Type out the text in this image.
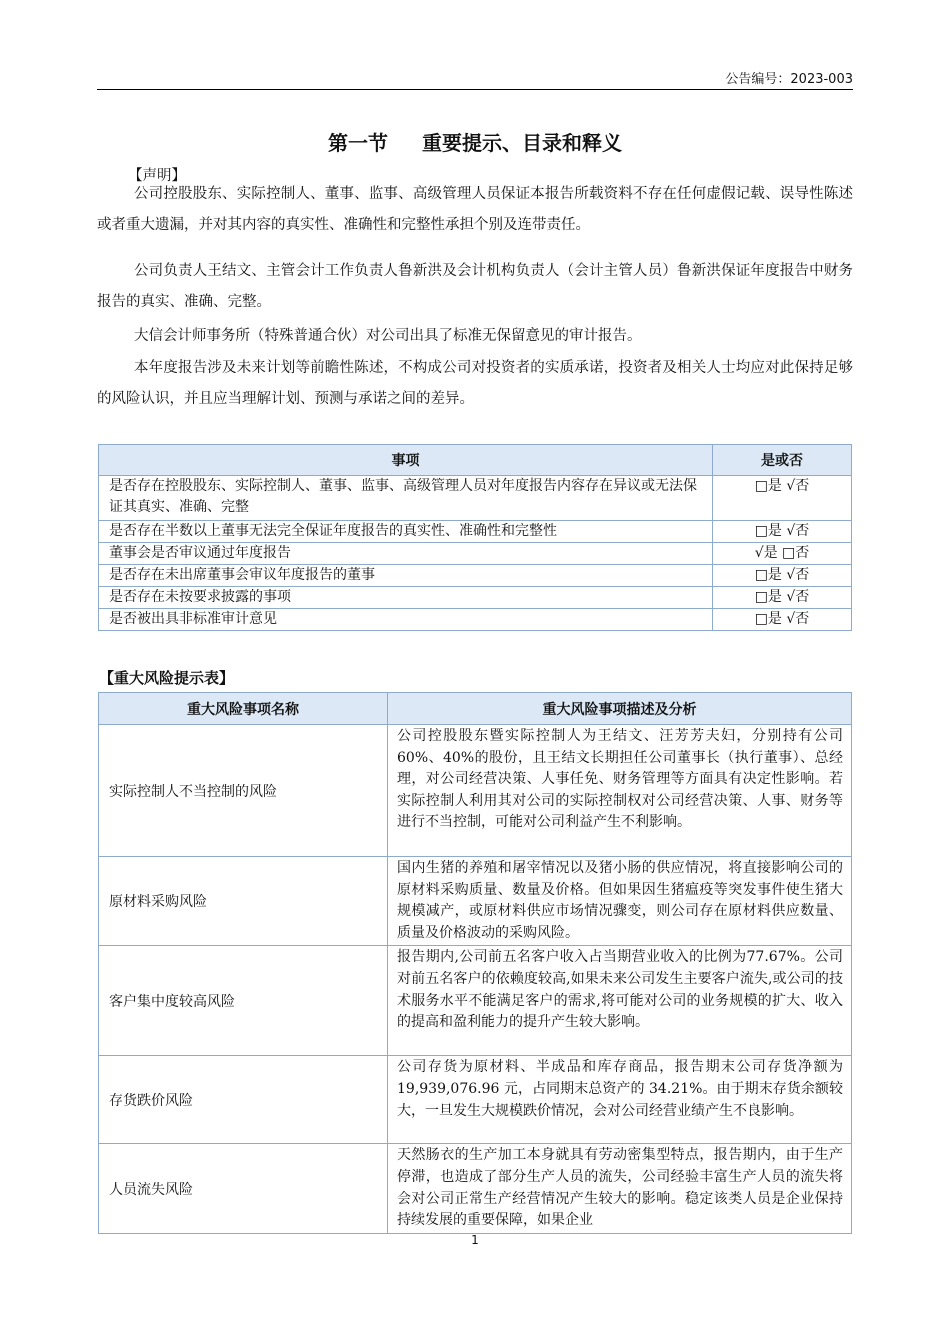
公告编号：2023-003
第一节 重要提示、目录和释义
【声明】

公司控股股东、实际控制人、董事、监事、高级管理人员保证本报告所载资料不存在任何虚假记载、误导性陈述或者重大遗漏，并对其内容的真实性、准确性和完整性承担个别及连带责任。

公司负责人王结文、主管会计工作负责人鲁新洪及会计机构负责人（会计主管人员）鲁新洪保证年度报告中财务报告的真实、准确、完整。

大信会计师事务所（特殊普通合伙）对公司出具了标准无保留意见的审计报告。

本年度报告涉及未来计划等前瞻性陈述，不构成公司对投资者的实质承诺，投资者及相关人士均应对此保持足够的风险认识，并且应当理解计划、预测与承诺之间的差异。

事项	是或否
是否存在控股股东、实际控制人、董事、监事、高级管理人员对年度报告内容存在异议或无法保证其真实、准确、完整	□是 √否
是否存在半数以上董事无法完全保证年度报告的真实性、准确性和完整性	□是 √否
董事会是否审议通过年度报告	√是 □否
是否存在未出席董事会审议年度报告的董事	□是 √否
是否存在未按要求披露的事项	□是 √否
是否被出具非标准审计意见	□是 √否
【重大风险提示表】
重大风险事项名称	重大风险事项描述及分析
实际控制人不当控制的风险	公司控股股东暨实际控制人为王结文、汪芳芳夫妇，分别持有公司60%、40%的股份，且王结文长期担任公司董事长（执行董事）、总经理，对公司经营决策、人事任免、财务管理等方面具有决定性影响。若实际控制人利用其对公司的实际控制权对公司经营决策、人事、财务等进行不当控制，可能对公司利益产生不利影响。
原材料采购风险	国内生猪的养殖和屠宰情况以及猪小肠的供应情况，将直接影响公司的原材料采购质量、数量及价格。但如果因生猪瘟疫等突发事件使生猪大规模减产，或原材料供应市场情况骤变，则公司存在原材料供应数量、质量及价格波动的采购风险。
客户集中度较高风险	报告期内,公司前五名客户收入占当期营业收入的比例为77.67%。公司对前五名客户的依赖度较高,如果未来公司发生主要客户流失,或公司的技术服务水平不能满足客户的需求,将可能对公司的业务规模的扩大、收入的提高和盈利能力的提升产生较大影响。
存货跌价风险	公司存货为原材料、半成品和库存商品，报告期末公司存货净额为 19,939,076.96 元，占同期末总资产的 34.21%。由于期末存货余额较大，一旦发生大规模跌价情况，会对公司经营业绩产生不良影响。
人员流失风险	天然肠衣的生产加工本身就具有劳动密集型特点，报告期内，由于生产停滞，也造成了部分生产人员的流失，公司经验丰富生产人员的流失将会对公司正常生产经营情况产生较大的影响。稳定该类人员是企业保持持续发展的重要保障，如果企业
1
